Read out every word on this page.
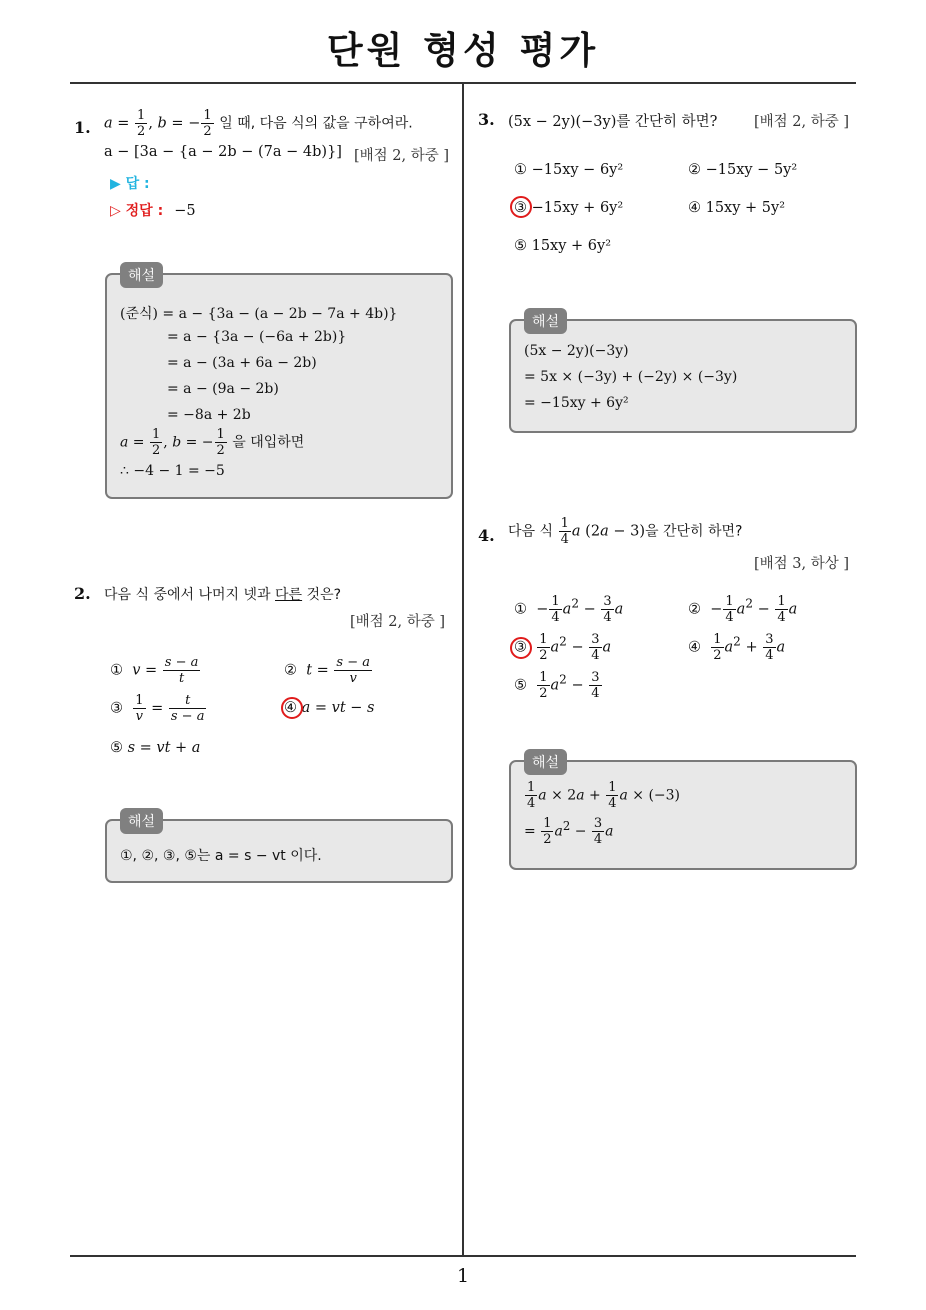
단원 형성 평가
1
1. $a = \frac{1}{2}$ , b = − $\frac{1}{2}$ 일 때, 다음 식의 값을 구하여라.
a − [3a − {a − 2b − (7a − 4b)}] [배점 2, 하중 ]
▶ 답 :
▷ 정답 : −5
(준식) = a − {3a − (a − 2b − 7a + 4b)}
= a − {3a − (−6a + 2b)}
= a − (3a + 6a − 2b)
= a − (9a − 2b)
= −8a + 2b
$a = \frac{1}{2}$ , b = − $\frac{1}{2}$ 을 대입하면
∴ −4 − 1 = −5
해설
2. 다음 식 중에서 나머지 넷과 다른 것은?
[배점 2, 하중 ]
① $v = \frac{s - a}{t}$	② $t = \frac{s - a}{v}$
③ $\frac{1}{v} = \frac{t}{s - a}$	④ a = vt − s
⑤ s = vt + a
①, ②, ③, ⑤는 a = s − vt 이다.
해설
3. (5x − 2y)(−3y)를 간단히 하면?	[배점 2, 하중 ]
① −15xy − 6y²	② −15xy − 5y²
③ −15xy + 6y²	④ 15xy + 5y²
⑤ 15xy + 6y²
(5x − 2y)(−3y)
= 5x × (−3y) + (−2y) × (−3y)
= −15xy + 6y²
해설
4. 다음 식 $\frac{1}{4}$ a (2a − 3)을 간단히 하면?
[배점 3, 하상 ]
①  − $\frac{1}{4} a^2 - \frac{3}{4}$ a	②  − $\frac{1}{4} a^2 - \frac{1}{4}$ a
③ $\frac{1}{2} a^2 - \frac{3}{4}$ a	④ $\frac{1}{2} a^2 + \frac{3}{4}$ a
⑤ $\frac{1}{2} a^2 - \frac{3}{4}$
$\frac{1}{4}$ $a \times 2a + \frac{1}{4}$ a × (−3)
= $\frac{1}{2} a^2 - \frac{3}{4}$ a
해설
